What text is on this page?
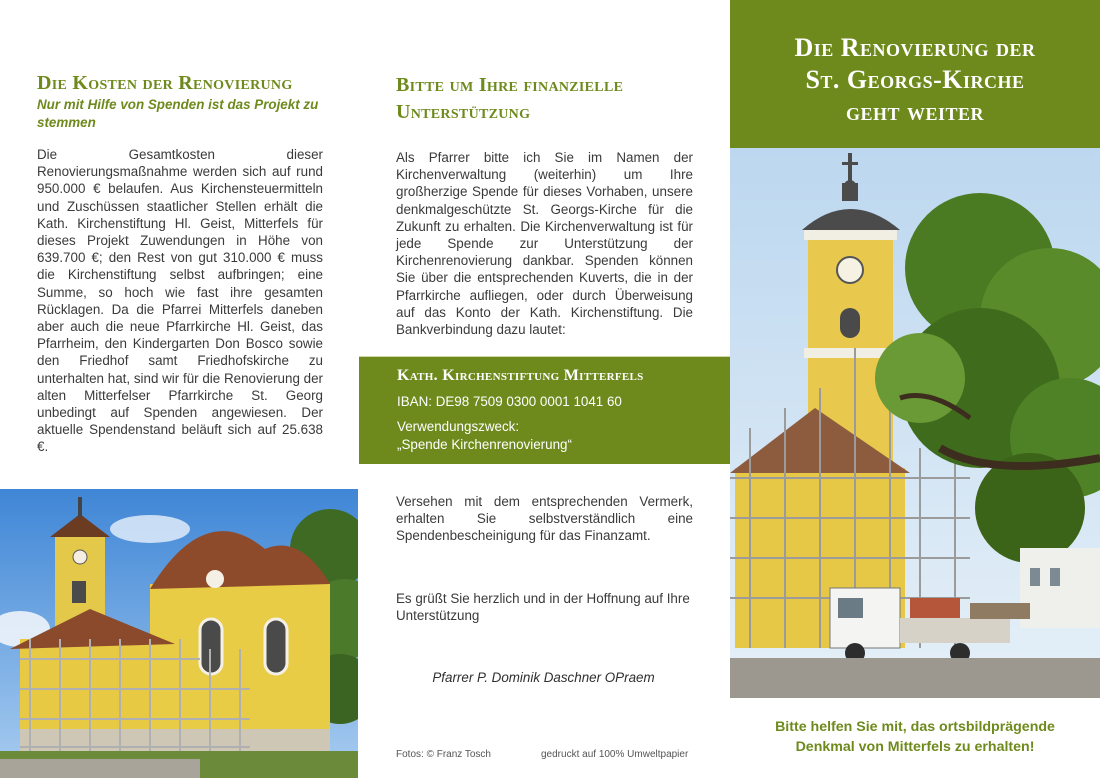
Die Kosten der Renovierung
Nur mit Hilfe von Spenden ist das Projekt zu stemmen

Die Gesamtkosten dieser Renovierungsmaßnahme werden sich auf rund 950.000 € belaufen. Aus Kirchensteuermitteln und Zuschüssen staatlicher Stellen erhält die Kath. Kirchenstiftung Hl. Geist, Mitterfels für dieses Projekt Zuwendungen in Höhe von 639.700 €; den Rest von gut 310.000 € muss die Kirchenstiftung selbst aufbringen; eine Summe, so hoch wie fast ihre gesamten Rücklagen. Da die Pfarrei Mitterfels daneben aber auch die neue Pfarrkirche Hl. Geist, das Pfarrheim, den Kindergarten Don Bosco sowie den Friedhof samt Friedhofskirche zu unterhalten hat, sind wir für die Renovierung der alten Mitterfelser Pfarrkirche St. Georg unbedingt auf Spenden angewiesen. Der aktuelle Spendenstand beläuft sich auf 25.638 €.

Bitte um Ihre finanzielle Unterstützung

Als Pfarrer bitte ich Sie im Namen der Kirchenverwaltung (weiterhin) um Ihre großherzige Spende für dieses Vorhaben, unsere denkmalgeschützte St. Georgs-Kirche für die Zukunft zu erhalten. Die Kirchenverwaltung ist für jede Spende zur Unterstützung der Kirchenrenovierung dankbar. Spenden können Sie über die entsprechenden Kuverts, die in der Pfarrkirche aufliegen, oder durch Überweisung auf das Konto der Kath. Kirchenstiftung. Die Bankverbindung dazu lautet:

Kath. Kirchenstiftung Mitterfels
IBAN: DE98 7509 0300 0001 1041 60
Verwendungszweck:
„Spende Kirchenrenovierung“

Versehen mit dem entsprechenden Vermerk, erhalten Sie selbstverständlich eine Spendenbescheinigung für das Finanzamt.

Es grüßt Sie herzlich und in der Hoffnung auf Ihre Unterstützung

Pfarrer P. Dominik Daschner OPraem
Fotos: © Franz Tosch	gedruckt auf 100% Umweltpapier
Die Renovierung der
St. Georgs-Kirche
geht weiter
Bitte helfen Sie mit, das ortsbildprägende
Denkmal von Mitterfels zu erhalten!
